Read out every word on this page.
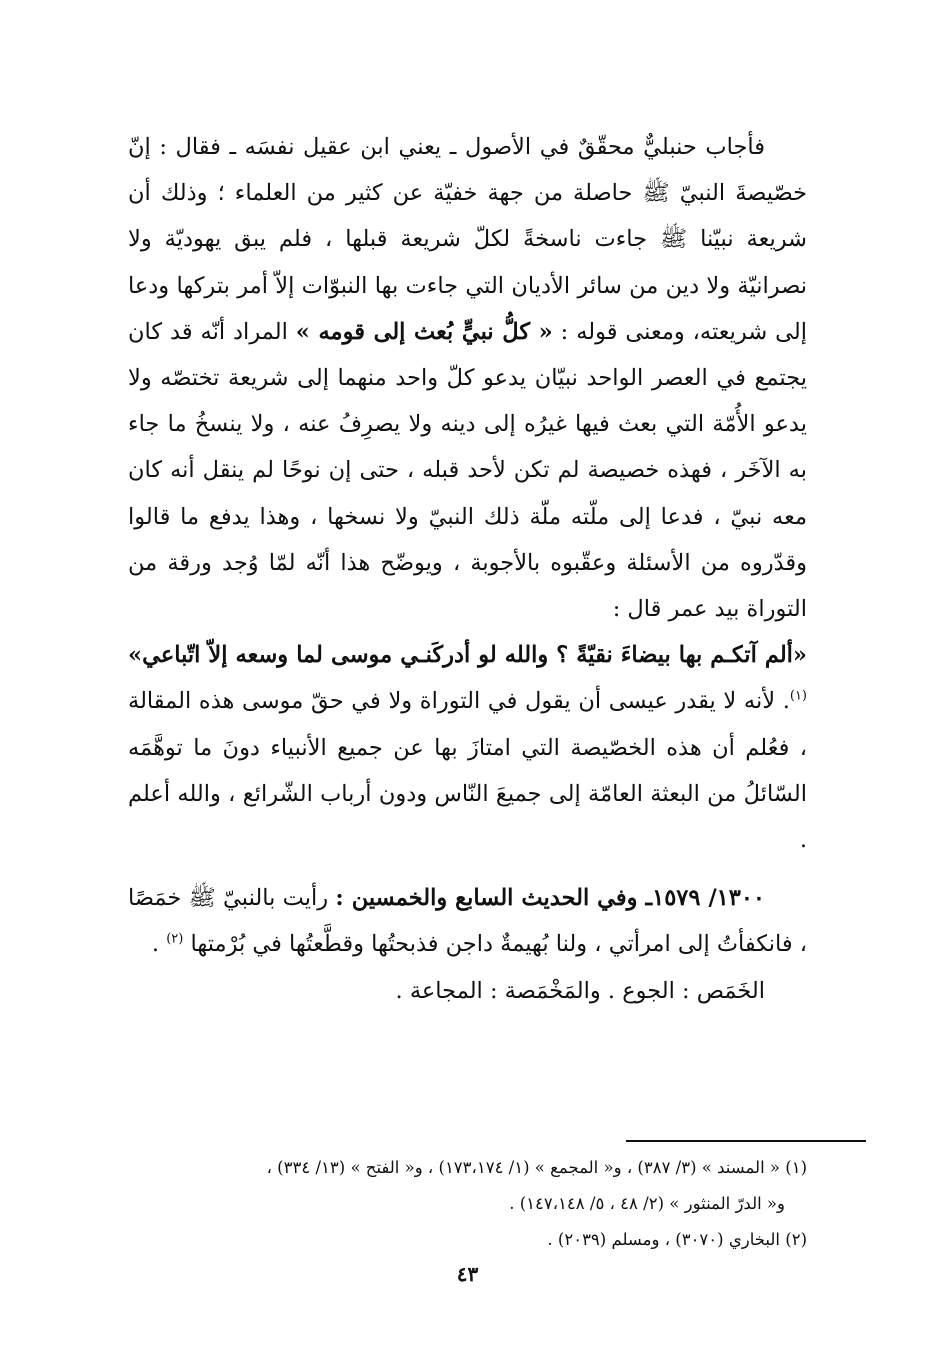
فأجاب حنبليٌّ محقّقٌ في الأصول ـ يعني ابن عقيل نفسَه ـ فقال : إنّ خصّيصةَ النبيّ ﷺ حاصلة من جهة خفيّة عن كثير من العلماء ؛ وذلك أن شريعة نبيّنا ﷺ جاءت ناسخةً لكلّ شريعة قبلها ، فلم يبق يهوديّة ولا نصرانيّة ولا دين من سائر الأديان التي جاءت بها النبوّات إلاّ أمر بتركها ودعا إلى شريعته، ومعنى قوله : « كلُّ نبيٍّ بُعث إلى قومه » المراد أنّه قد كان يجتمع في العصر الواحد نبيّان يدعو كلّ واحد منهما إلى شريعة تختصّه ولا يدعو الأُمّة التي بعث فيها غيرُه إلى دينه ولا يصرِفُ عنه ، ولا ينسخُ ما جاء به الآخَر ، فهذه خصيصة لم تكن لأحد قبله ، حتى إن نوحًا لم ينقل أنه كان معه نبيّ ، فدعا إلى ملّته ملّة ذلك النبيّ ولا نسخها ، وهذا يدفع ما قالوا وقدّروه من الأسئلة وعقّبوه بالأجوبة ، ويوضّح هذا أنّه لمّا وُجد ورقة من التوراة بيد عمر قال :

«ألم آتكـم بها بيضاءَ نقيّةً ؟ والله لو أدركَنـي موسى لما وسعه إلاّ اتّباعي» $^{(١)}$. لأنه لا يقدر عيسى أن يقول في التوراة ولا في حقّ موسى هذه المقالة ، فعُلم أن هذه الخصّيصة التي امتازَ بها عن جميع الأنبياء دونَ ما توهَّمَه السّائلُ من البعثة العامّة إلى جميعَ النّاس ودون أرباب الشّرائع ، والله أعلم .

١٣٠٠/ ١٥٧٩ـ وفي الحديث السابع والخمسين : رأيت بالنبيّ ﷺ خمَصًا ، فانكفأتُ إلى امرأتي ، ولنا بُهيمةٌ داجن فذبحتُها وقطَّعتُها في بُرْمتها $^{(٢)}$ .

الخَمَص : الجوع . والمَخْمَصة : المجاعة .

(١) « المسند » (٣/ ٣٨٧) ، و« المجمع » (١/ ١٧٣،١٧٤) ، و« الفتح » (١٣/ ٣٣٤) ،

و« الدرّ المنثور » (٢/ ٤٨ ، ٥/ ١٤٧،١٤٨) .

(٢) البخاري (٣٠٧٠) ، ومسلم (٢٠٣٩) .

٤٣
